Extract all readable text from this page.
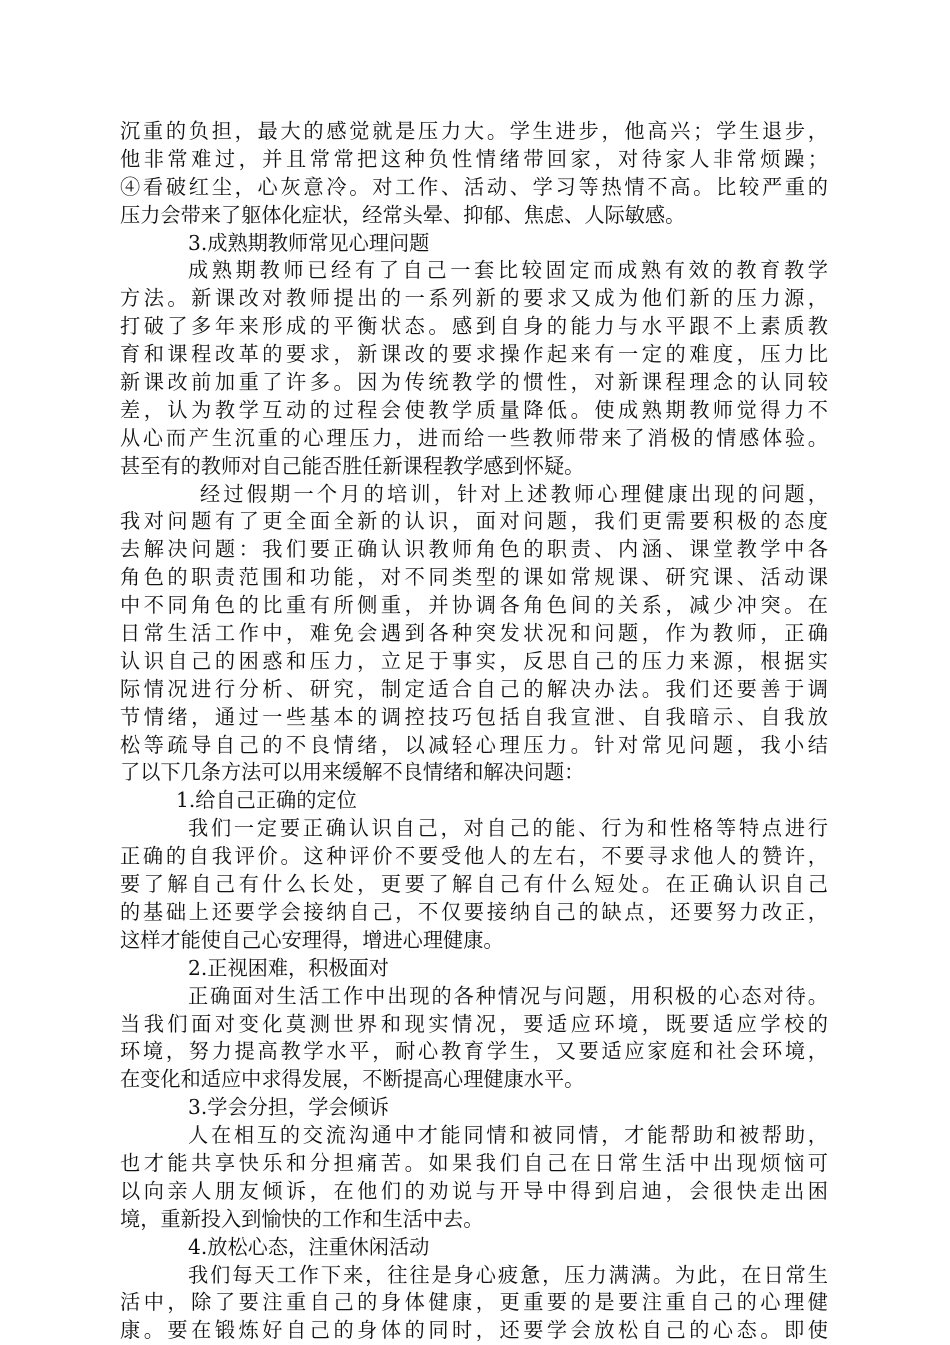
沉重的负担，最大的感觉就是压力大。学生进步，他高兴；学生退步，
他非常难过，并且常常把这种负性情绪带回家，对待家人非常烦躁；
④看破红尘，心灰意冷。对工作、活动、学习等热情不高。比较严重的
压力会带来了躯体化症状，经常头晕、抑郁、焦虑、人际敏感。
3.成熟期教师常见心理问题
成熟期教师已经有了自己一套比较固定而成熟有效的教育教学
方法。新课改对教师提出的一系列新的要求又成为他们新的压力源，
打破了多年来形成的平衡状态。感到自身的能力与水平跟不上素质教
育和课程改革的要求，新课改的要求操作起来有一定的难度，压力比
新课改前加重了许多。因为传统教学的惯性，对新课程理念的认同较
差，认为教学互动的过程会使教学质量降低。使成熟期教师觉得力不
从心而产生沉重的心理压力，进而给一些教师带来了消极的情感体验。
甚至有的教师对自己能否胜任新课程教学感到怀疑。
经过假期一个月的培训，针对上述教师心理健康出现的问题，
我对问题有了更全面全新的认识，面对问题，我们更需要积极的态度
去解决问题：我们要正确认识教师角色的职责、内涵、课堂教学中各
角色的职责范围和功能，对不同类型的课如常规课、研究课、活动课
中不同角色的比重有所侧重，并协调各角色间的关系，减少冲突。在
日常生活工作中，难免会遇到各种突发状况和问题，作为教师，正确
认识自己的困惑和压力，立足于事实，反思自己的压力来源，根据实
际情况进行分析、研究，制定适合自己的解决办法。我们还要善于调
节情绪，通过一些基本的调控技巧包括自我宣泄、自我暗示、自我放
松等疏导自己的不良情绪，以减轻心理压力。针对常见问题，我小结
了以下几条方法可以用来缓解不良情绪和解决问题：
1.给自己正确的定位
我们一定要正确认识自己，对自己的能、行为和性格等特点进行
正确的自我评价。这种评价不要受他人的左右，不要寻求他人的赞许，
要了解自己有什么长处，更要了解自己有什么短处。在正确认识自己
的基础上还要学会接纳自己，不仅要接纳自己的缺点，还要努力改正，
这样才能使自己心安理得，增进心理健康。
2.正视困难，积极面对
正确面对生活工作中出现的各种情况与问题，用积极的心态对待。
当我们面对变化莫测世界和现实情况，要适应环境，既要适应学校的
环境，努力提高教学水平，耐心教育学生，又要适应家庭和社会环境，
在变化和适应中求得发展，不断提高心理健康水平。
3.学会分担，学会倾诉
人在相互的交流沟通中才能同情和被同情，才能帮助和被帮助，
也才能共享快乐和分担痛苦。如果我们自己在日常生活中出现烦恼可
以向亲人朋友倾诉，在他们的劝说与开导中得到启迪，会很快走出困
境，重新投入到愉快的工作和生活中去。
4.放松心态，注重休闲活动
我们每天工作下来，往往是身心疲惫，压力满满。为此，在日常生
活中，除了要注重自己的身体健康，更重要的是要注重自己的心理健
康。要在锻炼好自己的身体的同时，还要学会放松自己的心态。即使
